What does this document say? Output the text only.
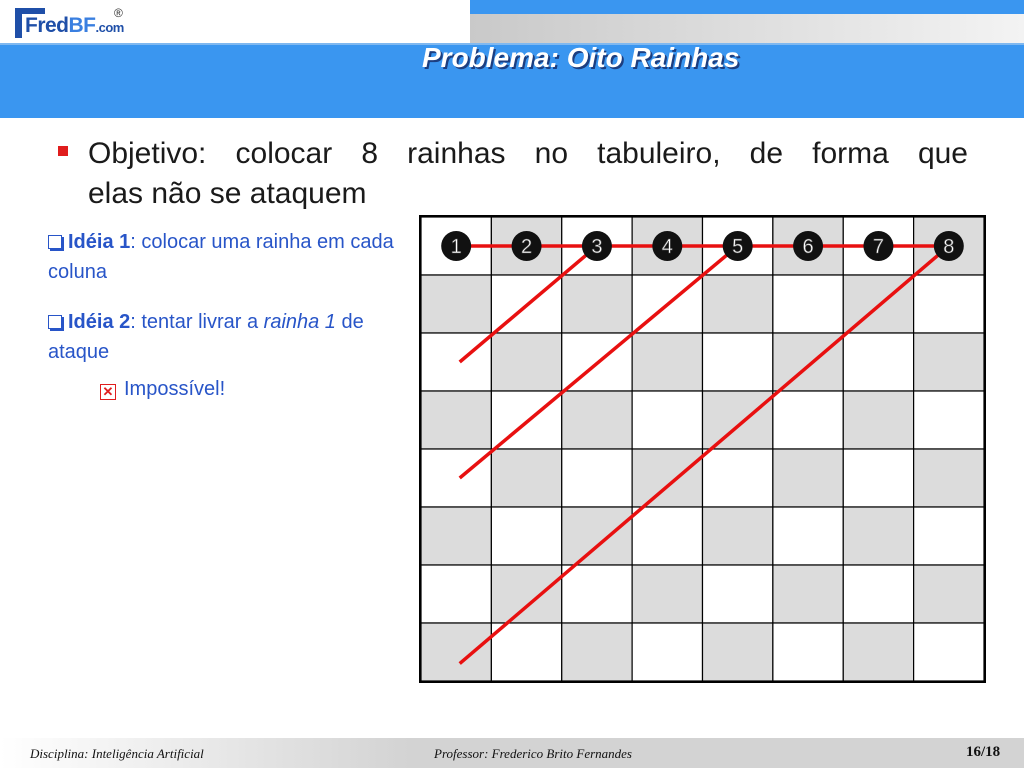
FredBF.com
®
Problema: Oito Rainhas
Objetivo: colocar 8 rainhas no tabuleiro, de forma que
elas não se ataquem
Idéia 1: colocar uma rainha em cada coluna
Idéia 2: tentar livrar a rainha 1 de ataque
✕ Impossível!
1	2	3	4	5	6	7	8
Disciplina: Inteligência Artificial	Professor: Frederico Brito Fernandes	16/18
